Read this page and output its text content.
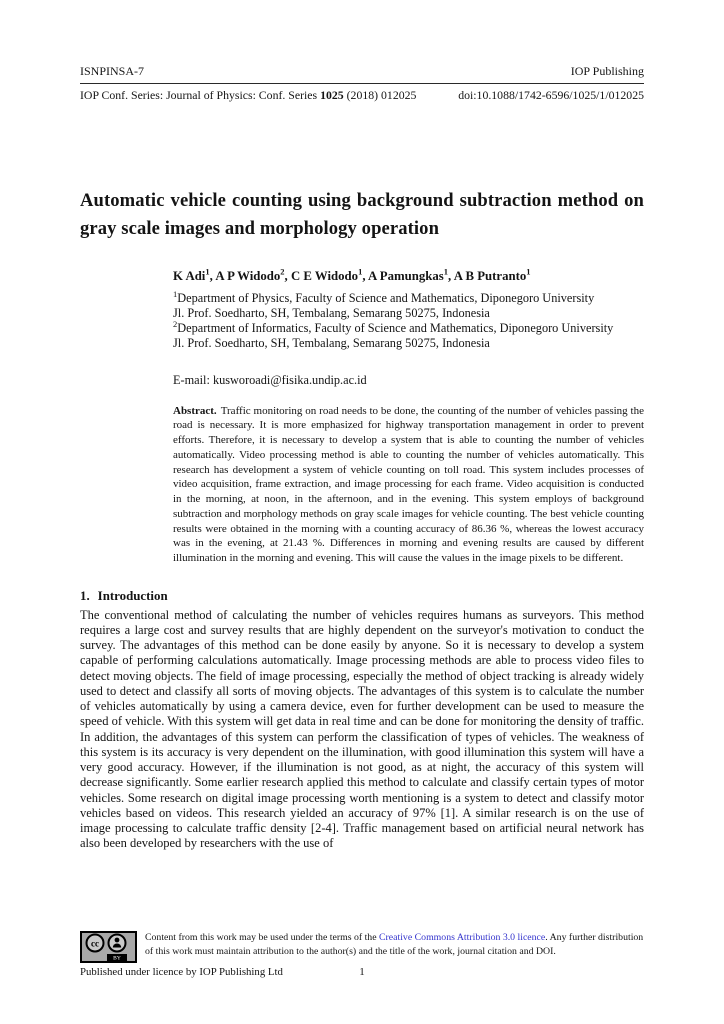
ISNPINSA-7	IOP Publishing
IOP Conf. Series: Journal of Physics: Conf. Series 1025 (2018) 012025	doi:10.1088/1742-6596/1025/1/012025
Automatic vehicle counting using background subtraction method on gray scale images and morphology operation
K Adi$^1$, A P Widodo$^2$, C E Widodo$^1$, A Pamungkas$^1$, A B Putranto$^1$
$^1$Department of Physics, Faculty of Science and Mathematics, Diponegoro University
Jl. Prof. Soedharto, SH, Tembalang, Semarang 50275, Indonesia
$^2$Department of Informatics, Faculty of Science and Mathematics, Diponegoro University
Jl. Prof. Soedharto, SH, Tembalang, Semarang 50275, Indonesia
E-mail: kusworoadi@fisika.undip.ac.id
Abstract. Traffic monitoring on road needs to be done, the counting of the number of vehicles passing the road is necessary. It is more emphasized for highway transportation management in order to prevent efforts. Therefore, it is necessary to develop a system that is able to counting the number of vehicles automatically. Video processing method is able to counting the number of vehicles automatically. This research has development a system of vehicle counting on toll road. This system includes processes of video acquisition, frame extraction, and image processing for each frame. Video acquisition is conducted in the morning, at noon, in the afternoon, and in the evening. This system employs of background subtraction and morphology methods on gray scale images for vehicle counting. The best vehicle counting results were obtained in the morning with a counting accuracy of 86.36 %, whereas the lowest accuracy was in the evening, at 21.43 %. Differences in morning and evening results are caused by different illumination in the morning and evening. This will cause the values in the image pixels to be different.
1. Introduction
The conventional method of calculating the number of vehicles requires humans as surveyors. This method requires a large cost and survey results that are highly dependent on the surveyor's motivation to conduct the survey. The advantages of this method can be done easily by anyone. So it is necessary to develop a system capable of performing calculations automatically. Image processing methods are able to process video files to detect moving objects. The field of image processing, especially the method of object tracking is already widely used to detect and classify all sorts of moving objects. The advantages of this system is to calculate the number of vehicles automatically by using a camera device, even for further development can be used to measure the speed of vehicle. With this system will get data in real time and can be done for monitoring the density of traffic. In addition, the advantages of this system can perform the classification of types of vehicles. The weakness of this system is its accuracy is very dependent on the illumination, with good illumination this system will have a very good accuracy. However, if the illumination is not good, as at night, the accuracy of this system will decrease significantly. Some earlier research applied this method to calculate and classify certain types of motor vehicles. Some research on digital image processing worth mentioning is a system to detect and classify motor vehicles based on videos. This research yielded an accuracy of 97% [1]. A similar research is on the use of image processing to calculate traffic density [2-4]. Traffic management based on artificial neural network has also been developed by researchers with the use of
cc
BY
Content from this work may be used under the terms of the Creative Commons Attribution 3.0 licence. Any further distribution
of this work must maintain attribution to the author(s) and the title of the work, journal citation and DOI.
Published under licence by IOP Publishing Ltd	1
